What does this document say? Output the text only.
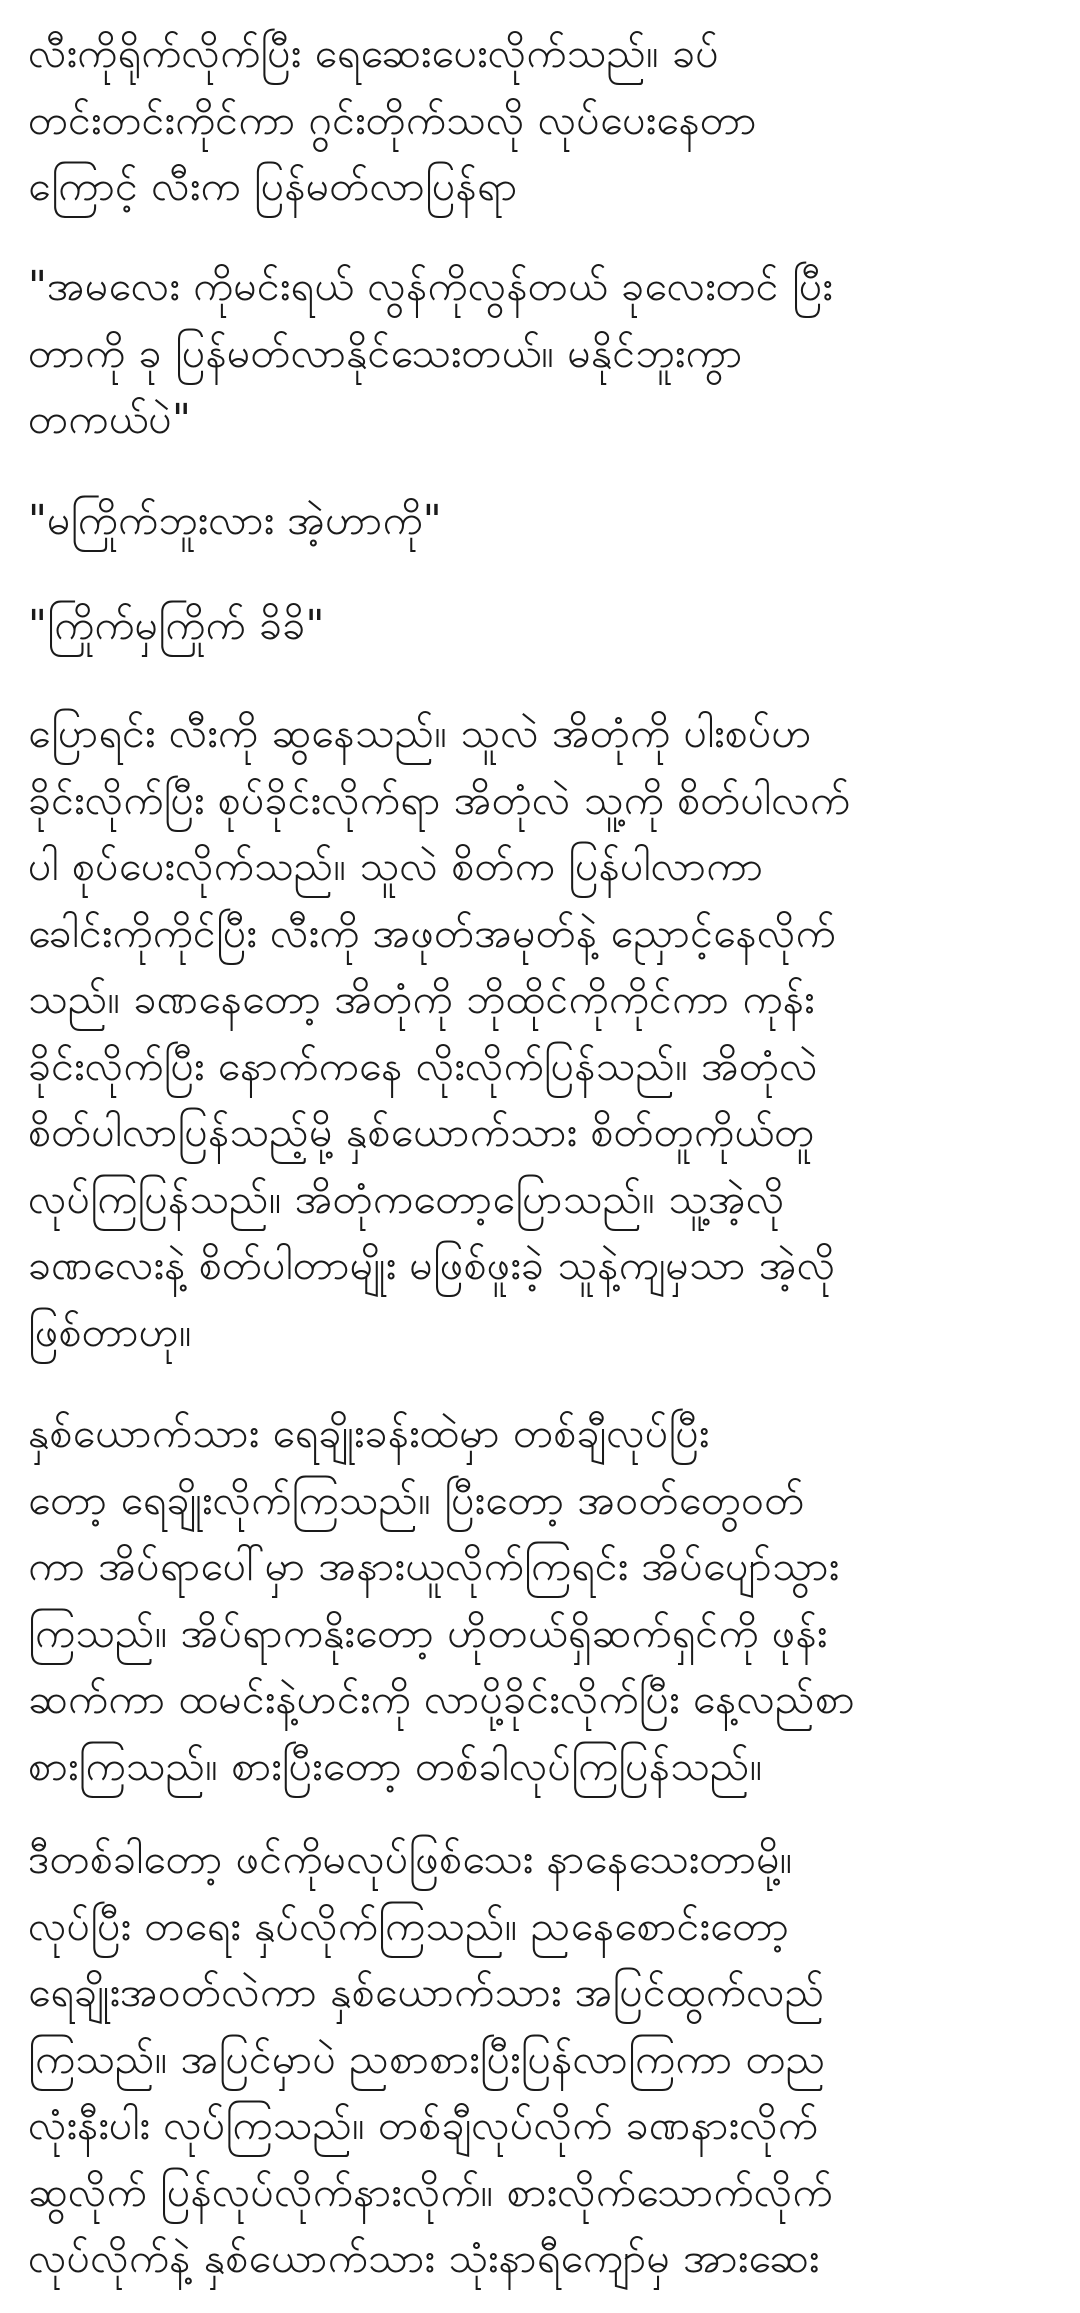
လီးကိုရိုက်လိုက်ပြီး ရေဆေးပေးလိုက်သည်။ ခပ်
တင်းတင်းကိုင်ကာ ဂွင်းတိုက်သလို လုပ်ပေးနေတာ
ကြောင့် လီးက ပြန်မတ်လာပြန်ရာ
"အမလေး ကိုမင်းရယ် လွန်ကိုလွန်တယ် ခုလေးတင် ပြီး
တာကို ခု ပြန်မတ်လာနိုင်သေးတယ်။ မနိုင်ဘူးကွာ
တကယ်ပဲ"
"မကြိုက်ဘူးလား အဲ့ဟာကို"
"ကြိုက်မှကြိုက် ခိခိ"
ပြောရင်း လီးကို ဆွနေသည်။ သူလဲ အိတုံကို ပါးစပ်ဟ
ခိုင်းလိုက်ပြီး စုပ်ခိုင်းလိုက်ရာ အိတုံလဲ သူ့ကို စိတ်ပါလက်
ပါ စုပ်ပေးလိုက်သည်။ သူလဲ စိတ်က ပြန်ပါလာကာ
ခေါင်းကိုကိုင်ပြီး လီးကို အဖုတ်အမုတ်နဲ့ ညှောင့်နေလိုက်
သည်။ ခဏနေတော့ အိတုံကို ဘိုထိုင်ကိုကိုင်ကာ ကုန်း
ခိုင်းလိုက်ပြီး နောက်ကနေ လိုးလိုက်ပြန်သည်။ အိတုံလဲ
စိတ်ပါလာပြန်သည့်မို့ နှစ်ယောက်သား စိတ်တူကိုယ်တူ
လုပ်ကြပြန်သည်။ အိတုံကတော့ပြောသည်။ သူ့အဲ့လို
ခဏလေးနဲ့ စိတ်ပါတာမျိုး မဖြစ်ဖူးခဲ့ သူနဲ့ကျမှသာ အဲ့လို
ဖြစ်တာဟု။
နှစ်ယောက်သား ရေချိုးခန်းထဲမှာ တစ်ချီလုပ်ပြီး
တော့ ရေချိုးလိုက်ကြသည်။ ပြီးတော့ အဝတ်တွေဝတ်
ကာ အိပ်ရာပေါ်မှာ အနားယူလိုက်ကြရင်း အိပ်ပျော်သွား
ကြသည်။ အိပ်ရာကနိုးတော့ ဟိုတယ်ရှိဆက်ရှင်ကို ဖုန်း
ဆက်ကာ ထမင်းနဲ့ဟင်းကို လာပို့ခိုင်းလိုက်ပြီး နေ့လည်စာ
စားကြသည်။ စားပြီးတော့ တစ်ခါလုပ်ကြပြန်သည်။
ဒီတစ်ခါတော့ ဖင်ကိုမလုပ်ဖြစ်သေး နာနေသေးတာမို့။
လုပ်ပြီး တရေး နှပ်လိုက်ကြသည်။ ညနေစောင်းတော့
ရေချိုးအဝတ်လဲကာ နှစ်ယောက်သား အပြင်ထွက်လည်
ကြသည်။ အပြင်မှာပဲ ညစာစားပြီးပြန်လာကြကာ တည
လုံးနီးပါး လုပ်ကြသည်။ တစ်ချီလုပ်လိုက် ခဏနားလိုက်
ဆွလိုက် ပြန်လုပ်လိုက်နားလိုက်။ စားလိုက်သောက်လိုက်
လုပ်လိုက်နဲ့ နှစ်ယောက်သား သုံးနာရီကျော်မှ အားဆေး
